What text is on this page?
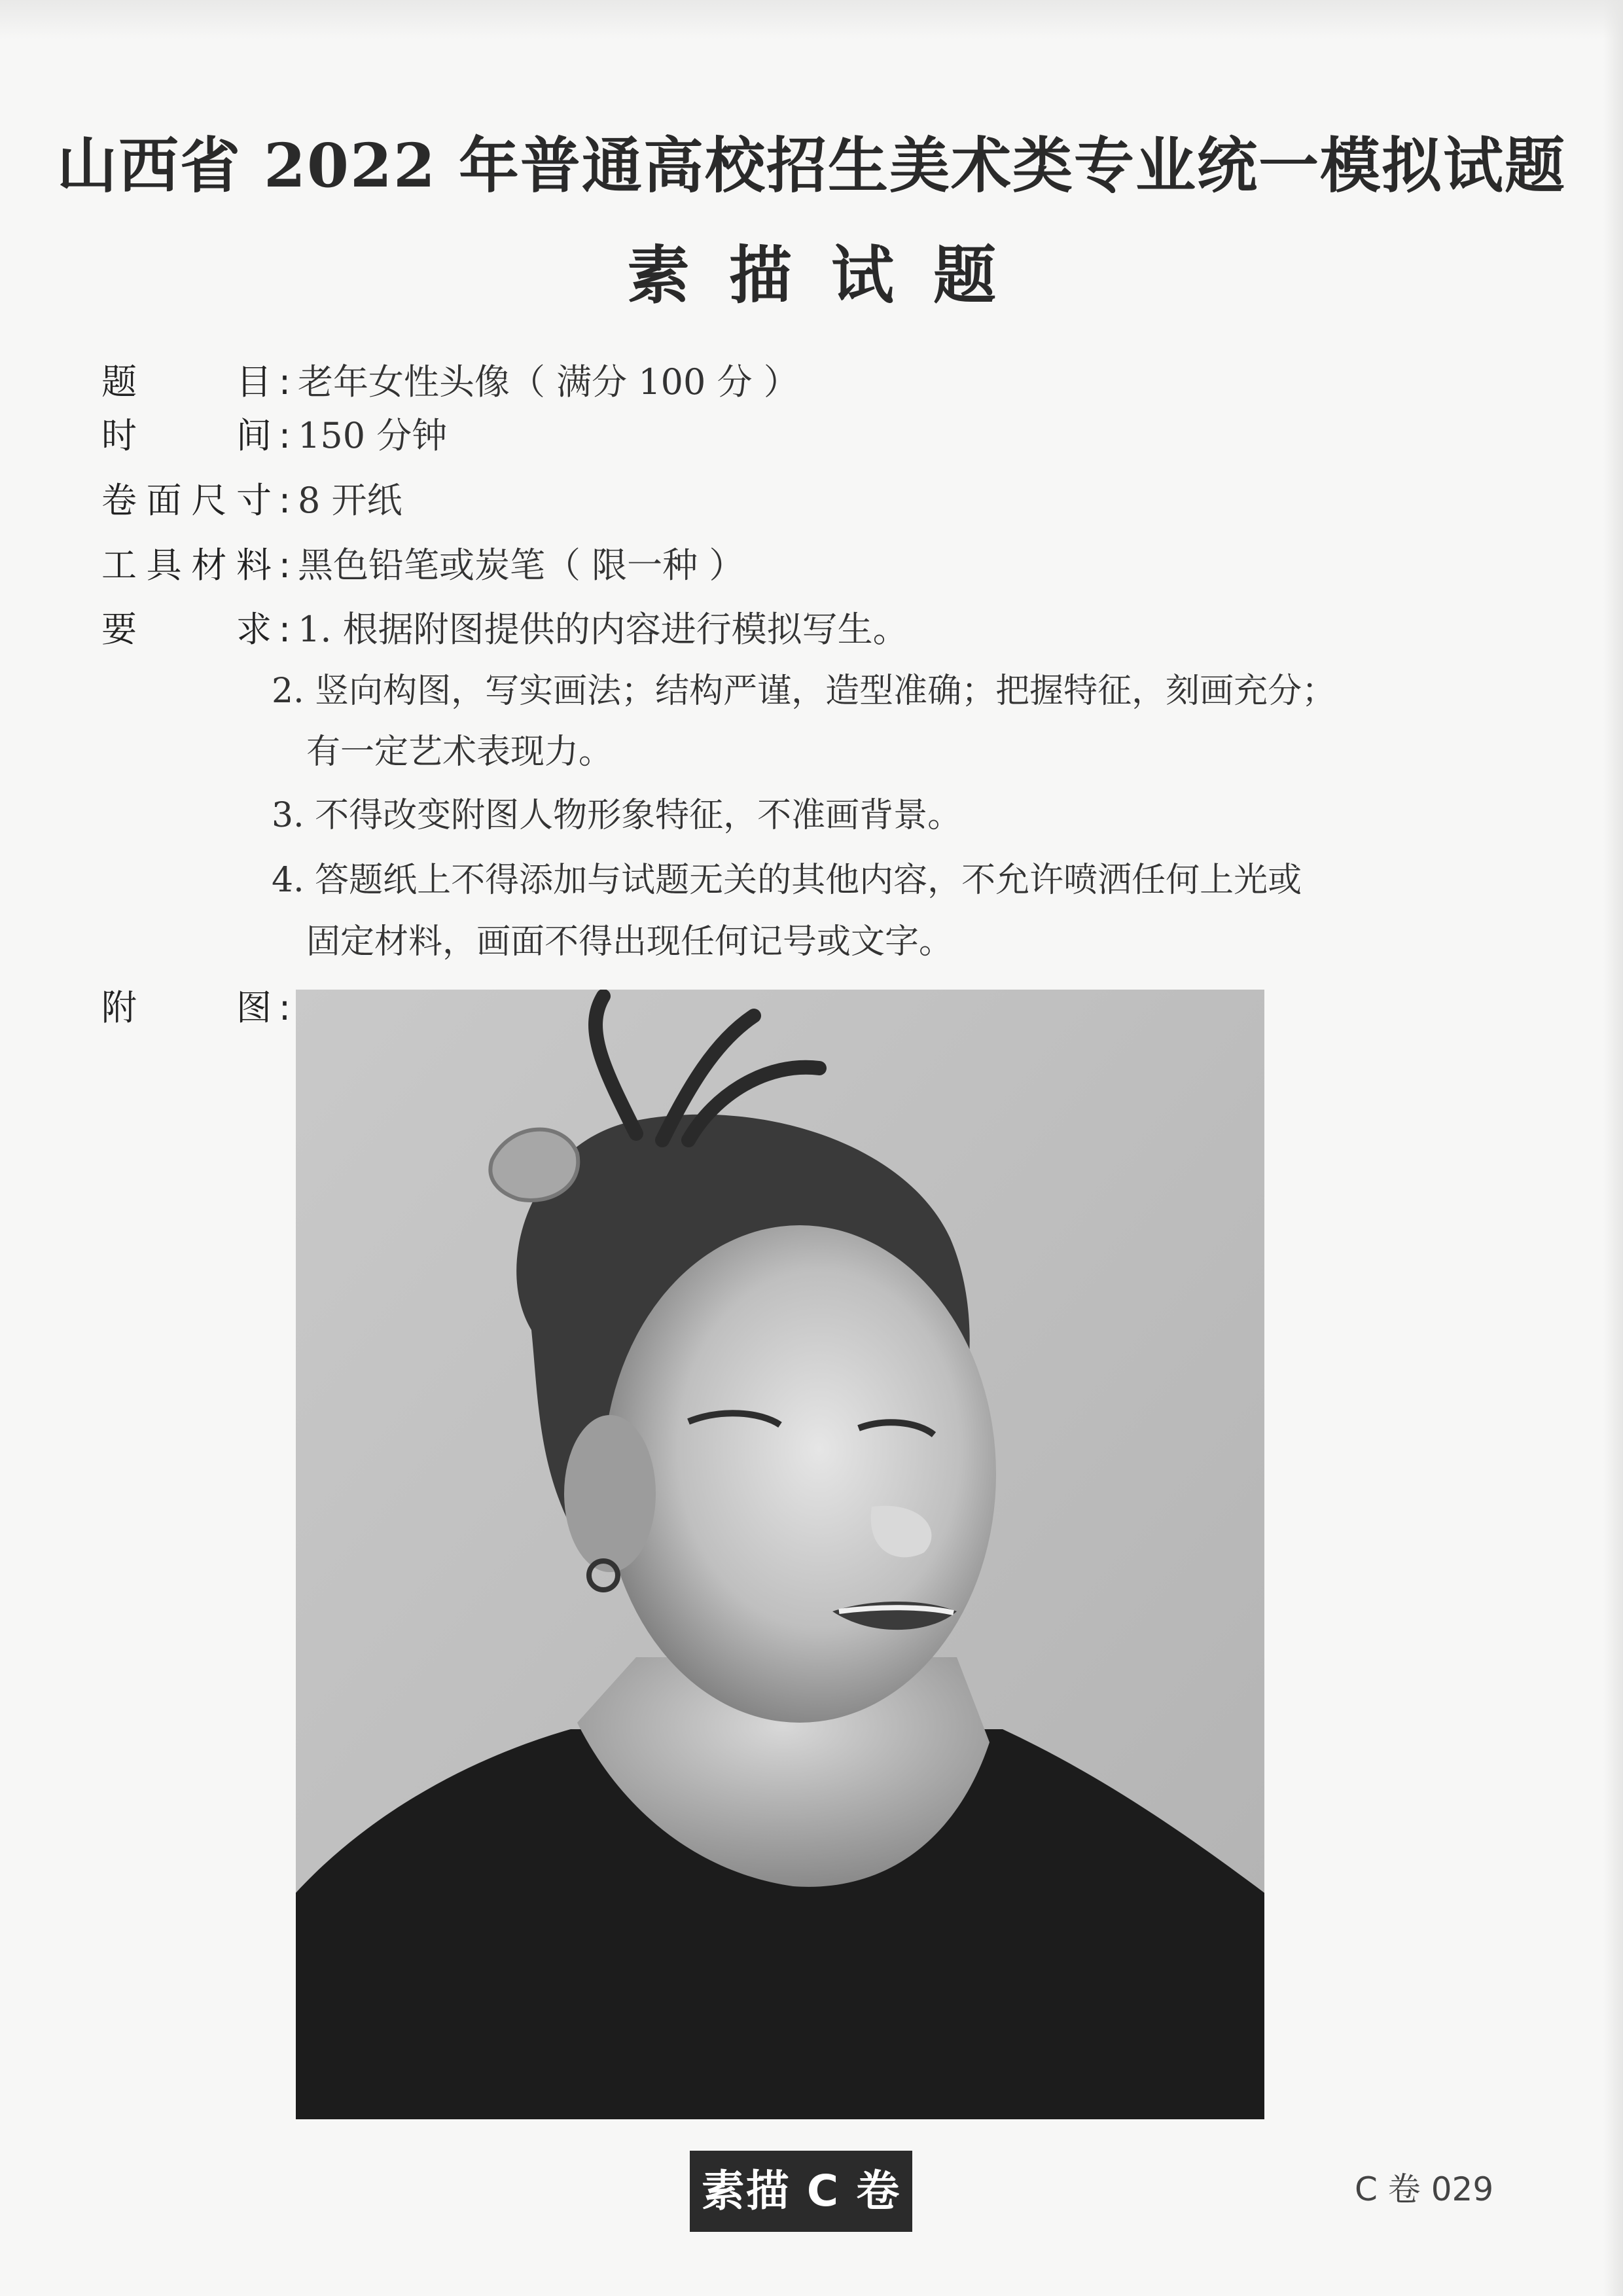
山西省 2022 年普通高校招生美术类专业统一模拟试题
素描试题
题目 : 老年女性头像（ 满分 100 分 ）
时间 : 150 分钟
卷面尺寸 : 8 开纸
工具材料 : 黑色铅笔或炭笔（ 限一种 ）
要求 : 1. 根据附图提供的内容进行模拟写生。
2. 竖向构图，写实画法；结构严谨，造型准确；把握特征，刻画充分；
有一定艺术表现力。
3. 不得改变附图人物形象特征，不准画背景。
4. 答题纸上不得添加与试题无关的其他内容，不允许喷洒任何上光或
固定材料，画面不得出现任何记号或文字。
附图 :
素描 C 卷	C 卷 029
